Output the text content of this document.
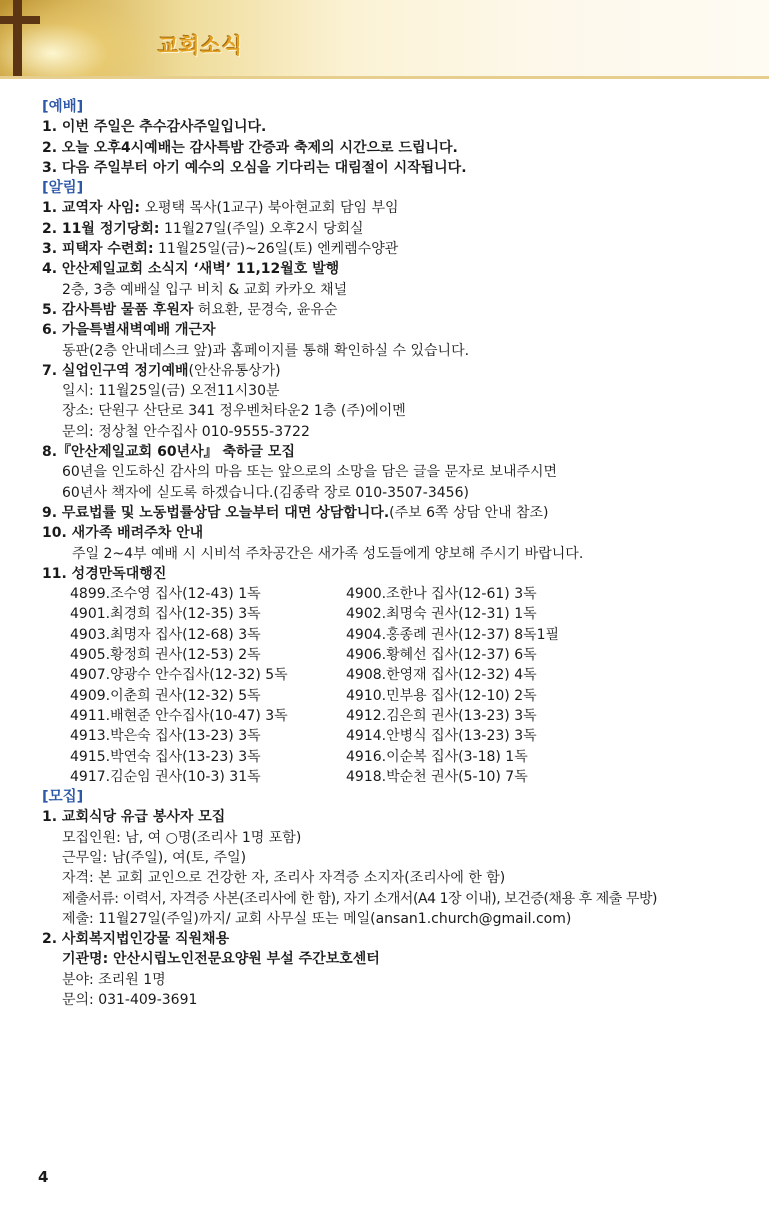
교회소식
[예배]
1. 이번 주일은 추수감사주일입니다.
2. 오늘 오후4시예배는 감사특밤 간증과 축제의 시간으로 드립니다.
3. 다음 주일부터 아기 예수의 오심을 기다리는 대림절이 시작됩니다.
[알림]
1. 교역자 사임: 오평택 목사(1교구) 북아현교회 담임 부임
2. 11월 정기당회: 11월27일(주일) 오후2시 당회실
3. 피택자 수련회: 11월25일(금)~26일(토) 엔케렘수양관
4. 안산제일교회 소식지 ‘새벽’ 11,12월호 발행
2층, 3층 예배실 입구 비치 & 교회 카카오 채널
5. 감사특밤 물품 후원자 허요환, 문경숙, 윤유순
6. 가을특별새벽예배 개근자
동판(2층 안내데스크 앞)과 홈페이지를 통해 확인하실 수 있습니다.
7. 실업인구역 정기예배(안산유통상가)
일시: 11월25일(금) 오전11시30분
장소: 단원구 산단로 341 정우벤처타운2 1층 (주)에이멘
문의: 정상철 안수집사 010-9555-3722
8.『안산제일교회 60년사』 축하글 모집
60년을 인도하신 감사의 마음 또는 앞으로의 소망을 담은 글을 문자로 보내주시면
60년사 책자에 싣도록 하겠습니다.(김종락 장로 010-3507-3456)
9. 무료법률 및 노동법률상담 오늘부터 대면 상담합니다.(주보 6쪽 상담 안내 참조)
10. 새가족 배려주차 안내
주일 2~4부 예배 시 시비석 주차공간은 새가족 성도들에게 양보해 주시기 바랍니다.
11. 성경만독대행진
4899.조수영 집사(12-43) 1독	4900.조한나 집사(12-61) 3독
4901.최경희 집사(12-35) 3독	4902.최명숙 권사(12-31) 1독
4903.최명자 집사(12-68) 3독	4904.홍종례 권사(12-37) 8독1필
4905.황정희 권사(12-53) 2독	4906.황혜선 집사(12-37) 6독
4907.양광수 안수집사(12-32) 5독	4908.한영재 집사(12-32) 4독
4909.이춘희 권사(12-32) 5독	4910.민부용 집사(12-10) 2독
4911.배현준 안수집사(10-47) 3독	4912.김은희 권사(13-23) 3독
4913.박은숙 집사(13-23) 3독	4914.안병식 집사(13-23) 3독
4915.박연숙 집사(13-23) 3독	4916.이순복 집사(3-18) 1독
4917.김순임 권사(10-3) 31독	4918.박순천 권사(5-10) 7독
[모집]
1. 교회식당 유급 봉사자 모집
모집인원: 남, 여 ○명(조리사 1명 포함)
근무일: 남(주일), 여(토, 주일)
자격: 본 교회 교인으로 건강한 자, 조리사 자격증 소지자(조리사에 한 함)
제출서류: 이력서, 자격증 사본(조리사에 한 함), 자기 소개서(A4 1장 이내), 보건증(채용 후 제출 무방)
제출: 11월27일(주일)까지/ 교회 사무실 또는 메일(ansan1.church@gmail.com)
2. 사회복지법인강물 직원채용
기관명: 안산시립노인전문요양원 부설 주간보호센터
분야: 조리원 1명
문의: 031-409-3691
4
